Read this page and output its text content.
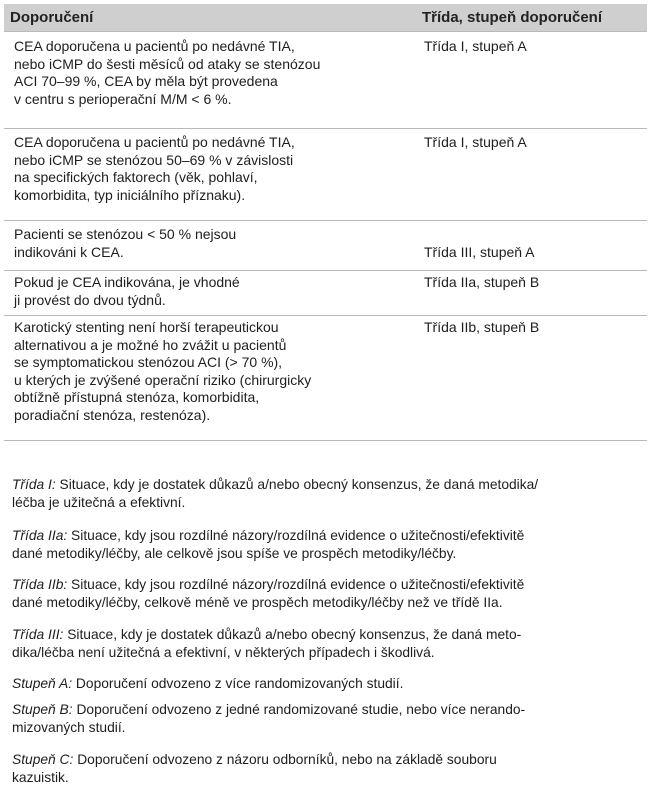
Doporučení	Třída, stupeň doporučení
CEA doporučena u pacientů po nedávné TIA,
nebo iCMP do šesti měsíců od ataky se stenózou
ACI 70–99 %, CEA by měla být provedena
v centru s perioperační M/M < 6 %.
Třída I, stupeň A
CEA doporučena u pacientů po nedávné TIA,
nebo iCMP se stenózou 50–69 % v závislosti
na specifických faktorech (věk, pohlaví,
komorbidita, typ iniciálního příznaku).
Třída I, stupeň A
Pacienti se stenózou < 50 % nejsou
indikováni k CEA.	Třída III, stupeň A
Pokud je CEA indikována, je vhodné
ji provést do dvou týdnů.
Třída IIa, stupeň B
Karotický stenting není horší terapeutickou
alternativou a je možné ho zvážit u pacientů
se symptomatickou stenózou ACI (> 70 %),
u kterých je zvýšené operační riziko (chirurgicky
obtížně přístupná stenóza, komorbidita,
poradiační stenóza, restenóza).
Třída IIb, stupeň B
Třída I: Situace, kdy je dostatek důkazů a/nebo obecný konsenzus, že daná metodika/
léčba je užitečná a efektivní.
Třída IIa: Situace, kdy jsou rozdílné názory/rozdílná evidence o užitečnosti/efektivitě
dané metodiky/léčby, ale celkově jsou spíše ve prospěch metodiky/léčby.
Třída IIb: Situace, kdy jsou rozdílné názory/rozdílná evidence o užitečnosti/efektivitě
dané metodiky/léčby, celkově méně ve prospěch metodiky/léčby než ve třídě IIa.
Třída III: Situace, kdy je dostatek důkazů a/nebo obecný konsenzus, že daná meto-
dika/léčba není užitečná a efektivní, v některých případech i škodlivá.
Stupeň A: Doporučení odvozeno z více randomizovaných studií.
Stupeň B: Doporučení odvozeno z jedné randomizované studie, nebo více nerando-
mizovaných studií.
Stupeň C: Doporučení odvozeno z názoru odborníků, nebo na základě souboru
kazuistik.
